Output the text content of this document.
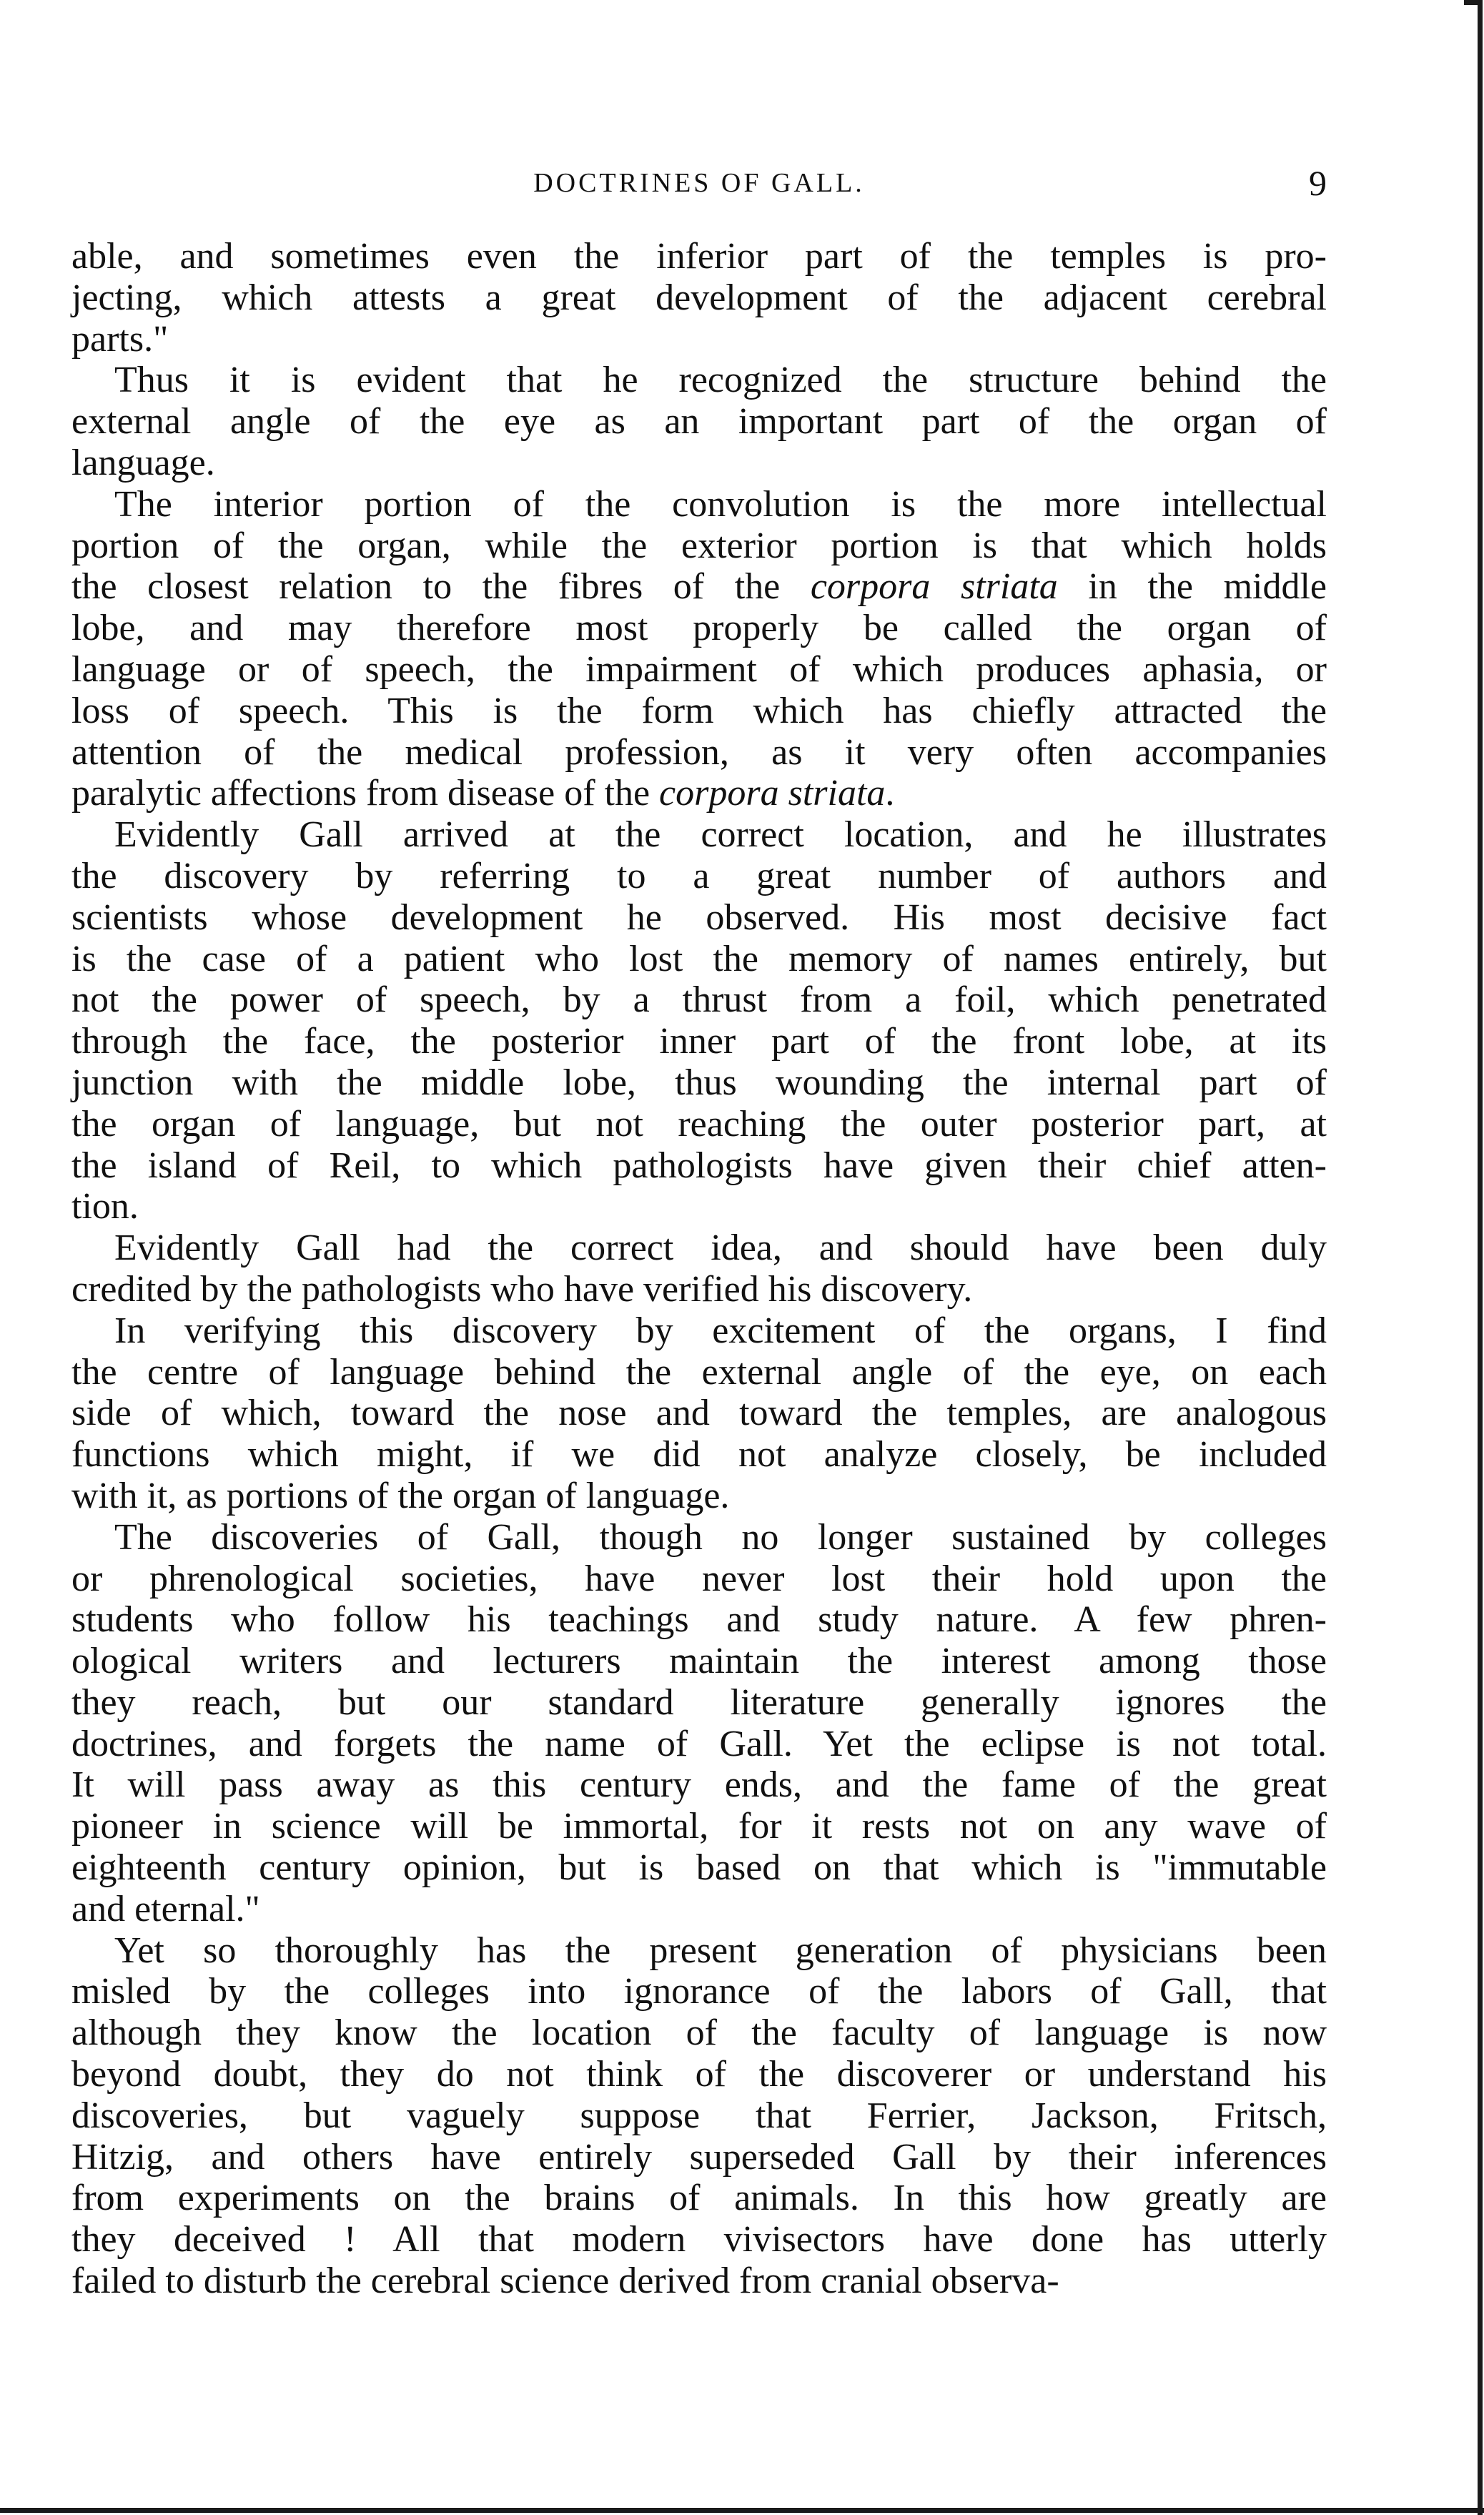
DOCTRINES OF GALL.	9

able, and sometimes even the inferior part of the temples is pro-
jecting, which attests a great development of the adjacent cerebral
parts."

Thus it is evident that he recognized the structure behind the
external angle of the eye as an important part of the organ of
language.

The interior portion of the convolution is the more intellectual
portion of the organ, while the exterior portion is that which holds
the closest relation to the fibres of the corpora striata in the middle
lobe, and may therefore most properly be called the organ of
language or of speech, the impairment of which produces aphasia, or
loss of speech. This is the form which has chiefly attracted the
attention of the medical profession, as it very often accompanies
paralytic affections from disease of the corpora striata.

Evidently Gall arrived at the correct location, and he illustrates
the discovery by referring to a great number of authors and
scientists whose development he observed. His most decisive fact
is the case of a patient who lost the memory of names entirely, but
not the power of speech, by a thrust from a foil, which penetrated
through the face, the posterior inner part of the front lobe, at its
junction with the middle lobe, thus wounding the internal part of
the organ of language, but not reaching the outer posterior part, at
the island of Reil, to which pathologists have given their chief atten-
tion.

Evidently Gall had the correct idea, and should have been duly
credited by the pathologists who have verified his discovery.

In verifying this discovery by excitement of the organs, I find
the centre of language behind the external angle of the eye, on each
side of which, toward the nose and toward the temples, are analogous
functions which might, if we did not analyze closely, be included
with it, as portions of the organ of language.

The discoveries of Gall, though no longer sustained by colleges
or phrenological societies, have never lost their hold upon the
students who follow his teachings and study nature. A few phren-
ological writers and lecturers maintain the interest among those
they reach, but our standard literature generally ignores the
doctrines, and forgets the name of Gall. Yet the eclipse is not total.
It will pass away as this century ends, and the fame of the great
pioneer in science will be immortal, for it rests not on any wave of
eighteenth century opinion, but is based on that which is "immutable
and eternal."

Yet so thoroughly has the present generation of physicians been
misled by the colleges into ignorance of the labors of Gall, that
although they know the location of the faculty of language is now
beyond doubt, they do not think of the discoverer or understand his
discoveries, but vaguely suppose that Ferrier, Jackson, Fritsch,
Hitzig, and others have entirely superseded Gall by their inferences
from experiments on the brains of animals. In this how greatly are
they deceived ! All that modern vivisectors have done has utterly
failed to disturb the cerebral science derived from cranial observa-
